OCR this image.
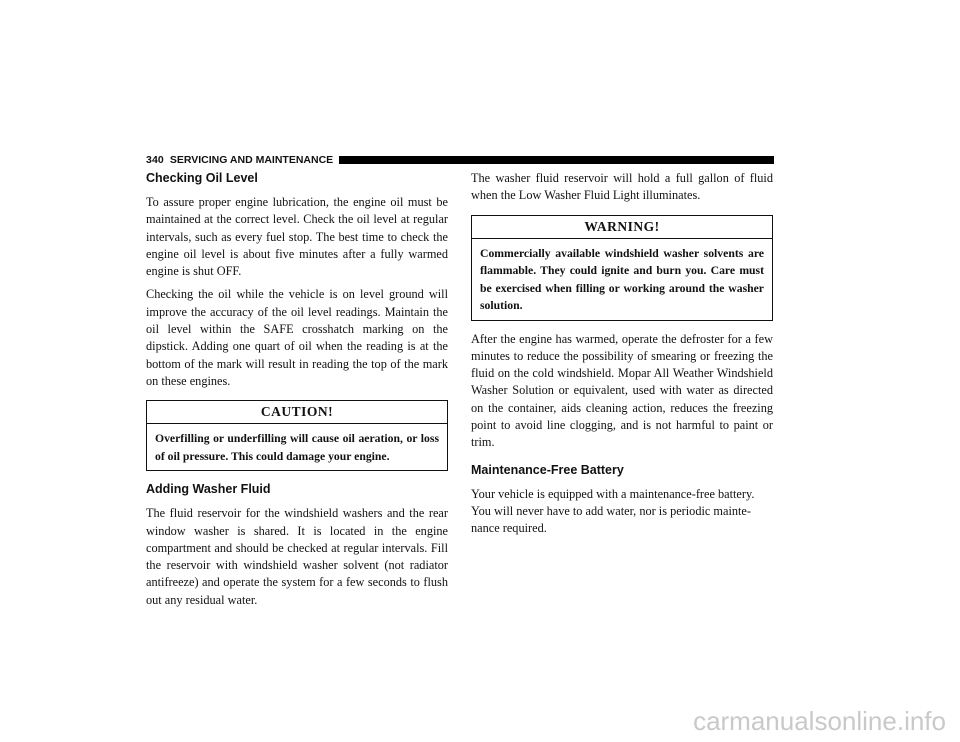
340 SERVICING AND MAINTENANCE
Checking Oil Level

To assure proper engine lubrication, the engine oil must be maintained at the correct level. Check the oil level at regular intervals, such as every fuel stop. The best time to check the engine oil level is about five minutes after a fully warmed engine is shut OFF.

Checking the oil while the vehicle is on level ground will improve the accuracy of the oil level readings. Maintain the oil level within the SAFE crosshatch marking on the dipstick. Adding one quart of oil when the reading is at the bottom of the mark will result in reading the top of the mark on these engines.

CAUTION!
Overfilling or underfilling will cause oil aeration, or loss of oil pressure. This could damage your engine.
Adding Washer Fluid

The fluid reservoir for the windshield washers and the rear window washer is shared. It is located in the engine compartment and should be checked at regular intervals. Fill the reservoir with windshield washer solvent (not radiator antifreeze) and operate the system for a few seconds to flush out any residual water.

The washer fluid reservoir will hold a full gallon of fluid when the Low Washer Fluid Light illuminates.

WARNING!
Commercially available windshield washer solvents are flammable. They could ignite and burn you. Care must be exercised when filling or working around the washer solution.

After the engine has warmed, operate the defroster for a few minutes to reduce the possibility of smearing or freezing the fluid on the cold windshield. Mopar All Weather Windshield Washer Solution or equivalent, used with water as directed on the container, aids cleaning action, reduces the freezing point to avoid line clogging, and is not harmful to paint or trim.

Maintenance-Free Battery

Your vehicle is equipped with a maintenance-free battery. You will never have to add water, nor is periodic mainte-nance required.

carmanualsonline.info
